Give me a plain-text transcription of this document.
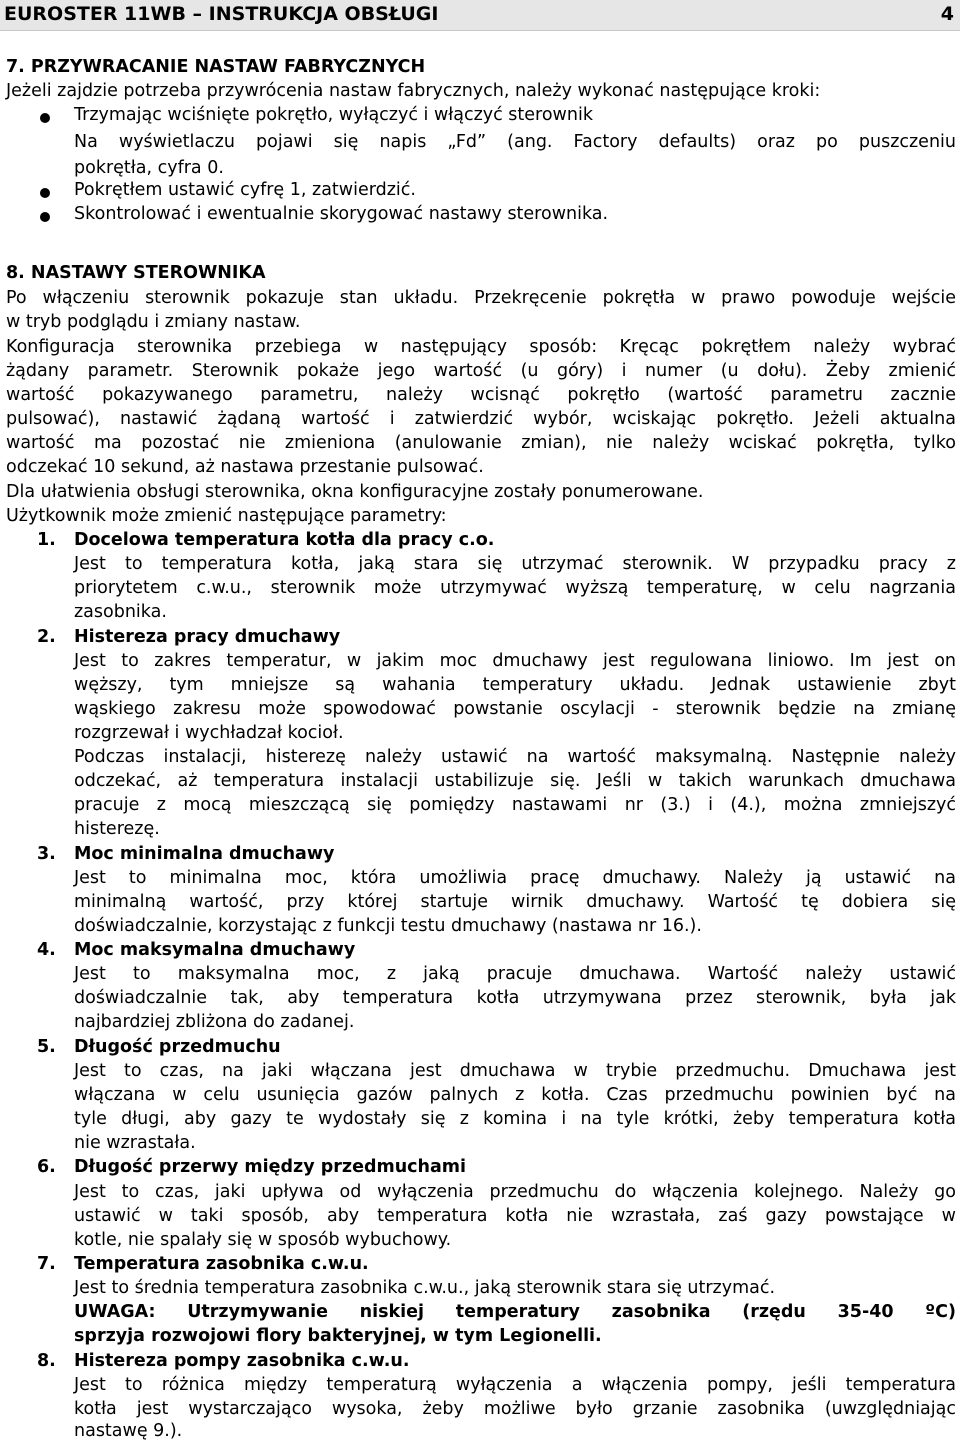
EUROSTER 11WB – INSTRUKCJA OBSŁUGI	4
7. PRZYWRACANIE NASTAW FABRYCZNYCH
Jeżeli zajdzie potrzeba przywrócenia nastaw fabrycznych, należy wykonać następujące kroki:
Trzymając wciśnięte pokrętło, wyłączyć i włączyć sterownik
Na wyświetlaczu pojawi się napis „Fd” (ang. Factory defaults) oraz po puszczeniu
pokrętła, cyfra 0.
Pokrętłem ustawić cyfrę 1, zatwierdzić.
Skontrolować i ewentualnie skorygować nastawy sterownika.
8. NASTAWY STEROWNIKA
Po włączeniu sterownik pokazuje stan układu. Przekręcenie pokrętła w prawo powoduje wejście
w tryb podglądu i zmiany nastaw.
Konfiguracja sterownika przebiega w następujący sposób: Kręcąc pokrętłem należy wybrać
żądany parametr. Sterownik pokaże jego wartość (u góry) i numer (u dołu). Żeby zmienić
wartość pokazywanego parametru, należy wcisnąć pokrętło (wartość parametru zacznie
pulsować), nastawić żądaną wartość i zatwierdzić wybór, wciskając pokrętło. Jeżeli aktualna
wartość ma pozostać nie zmieniona (anulowanie zmian), nie należy wciskać pokrętła, tylko
odczekać 10 sekund, aż nastawa przestanie pulsować.
Dla ułatwienia obsługi sterownika, okna konfiguracyjne zostały ponumerowane.
Użytkownik może zmienić następujące parametry:
1. Docelowa temperatura kotła dla pracy c.o.
Jest to temperatura kotła, jaką stara się utrzymać sterownik. W przypadku pracy z
priorytetem c.w.u., sterownik może utrzymywać wyższą temperaturę, w celu nagrzania
zasobnika.
2. Histereza pracy dmuchawy
Jest to zakres temperatur, w jakim moc dmuchawy jest regulowana liniowo. Im jest on
węższy, tym mniejsze są wahania temperatury układu. Jednak ustawienie zbyt
wąskiego zakresu może spowodować powstanie oscylacji - sterownik będzie na zmianę
rozgrzewał i wychładzał kocioł.
Podczas instalacji, histerezę należy ustawić na wartość maksymalną. Następnie należy
odczekać, aż temperatura instalacji ustabilizuje się. Jeśli w takich warunkach dmuchawa
pracuje z mocą mieszczącą się pomiędzy nastawami nr (3.) i (4.), można zmniejszyć
histerezę.
3. Moc minimalna dmuchawy
Jest to minimalna moc, która umożliwia pracę dmuchawy. Należy ją ustawić na
minimalną wartość, przy której startuje wirnik dmuchawy. Wartość tę dobiera się
doświadczalnie, korzystając z funkcji testu dmuchawy (nastawa nr 16.).
4. Moc maksymalna dmuchawy
Jest to maksymalna moc, z jaką pracuje dmuchawa. Wartość należy ustawić
doświadczalnie tak, aby temperatura kotła utrzymywana przez sterownik, była jak
najbardziej zbliżona do zadanej.
5. Długość przedmuchu
Jest to czas, na jaki włączana jest dmuchawa w trybie przedmuchu. Dmuchawa jest
włączana w celu usunięcia gazów palnych z kotła. Czas przedmuchu powinien być na
tyle długi, aby gazy te wydostały się z komina i na tyle krótki, żeby temperatura kotła
nie wzrastała.
6. Długość przerwy między przedmuchami
Jest to czas, jaki upływa od wyłączenia przedmuchu do włączenia kolejnego. Należy go
ustawić w taki sposób, aby temperatura kotła nie wzrastała, zaś gazy powstające w
kotle, nie spalały się w sposób wybuchowy.
7. Temperatura zasobnika c.w.u.
Jest to średnia temperatura zasobnika c.w.u., jaką sterownik stara się utrzymać.
UWAGA: Utrzymywanie niskiej temperatury zasobnika (rzędu 35-40 ºC)
sprzyja rozwojowi flory bakteryjnej, w tym Legionelli.
8. Histereza pompy zasobnika c.w.u.
Jest to różnica między temperaturą wyłączenia a włączenia pompy, jeśli temperatura
kotła jest wystarczająco wysoka, żeby możliwe było grzanie zasobnika (uwzględniając
nastawę 9.).
